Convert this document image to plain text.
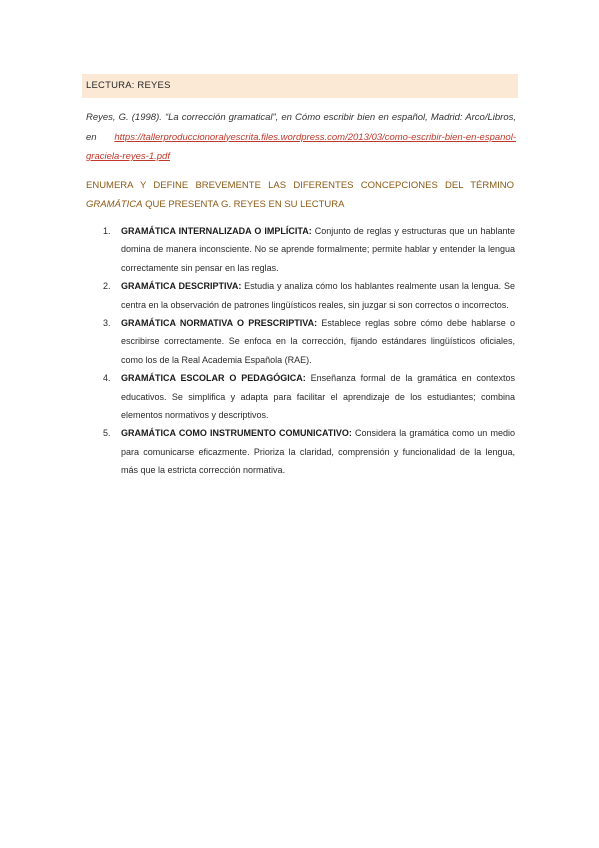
LECTURA: REYES
Reyes, G. (1998). “La corrección gramatical”, en Cómo escribir bien en español, Madrid: Arco/Libros, en https://tallerproduccionoralyescrita.files.wordpress.com/2013/03/como-escribir-bien-en-espanol-graciela-reyes-1.pdf
ENUMERA Y DEFINE BREVEMENTE LAS DIFERENTES CONCEPCIONES DEL TÉRMINO
GRAMÁTICA QUE PRESENTA G. REYES EN SU LECTURA
1. GRAMÁTICA INTERNALIZADA O IMPLÍCITA: Conjunto de reglas y estructuras que un hablante domina de manera inconsciente. No se aprende formalmente; permite hablar y entender la lengua correctamente sin pensar en las reglas.
2. GRAMÁTICA DESCRIPTIVA: Estudia y analiza cómo los hablantes realmente usan la lengua. Se centra en la observación de patrones lingüísticos reales, sin juzgar si son correctos o incorrectos.
3. GRAMÁTICA NORMATIVA O PRESCRIPTIVA: Establece reglas sobre cómo debe hablarse o escribirse correctamente. Se enfoca en la corrección, fijando estándares lingüísticos oficiales, como los de la Real Academia Española (RAE).
4. GRAMÁTICA ESCOLAR O PEDAGÓGICA: Enseñanza formal de la gramática en contextos educativos. Se simplifica y adapta para facilitar el aprendizaje de los estudiantes; combina elementos normativos y descriptivos.
5. GRAMÁTICA COMO INSTRUMENTO COMUNICATIVO: Considera la gramática como un medio para comunicarse eficazmente. Prioriza la claridad, comprensión y funcionalidad de la lengua, más que la estricta corrección normativa.
